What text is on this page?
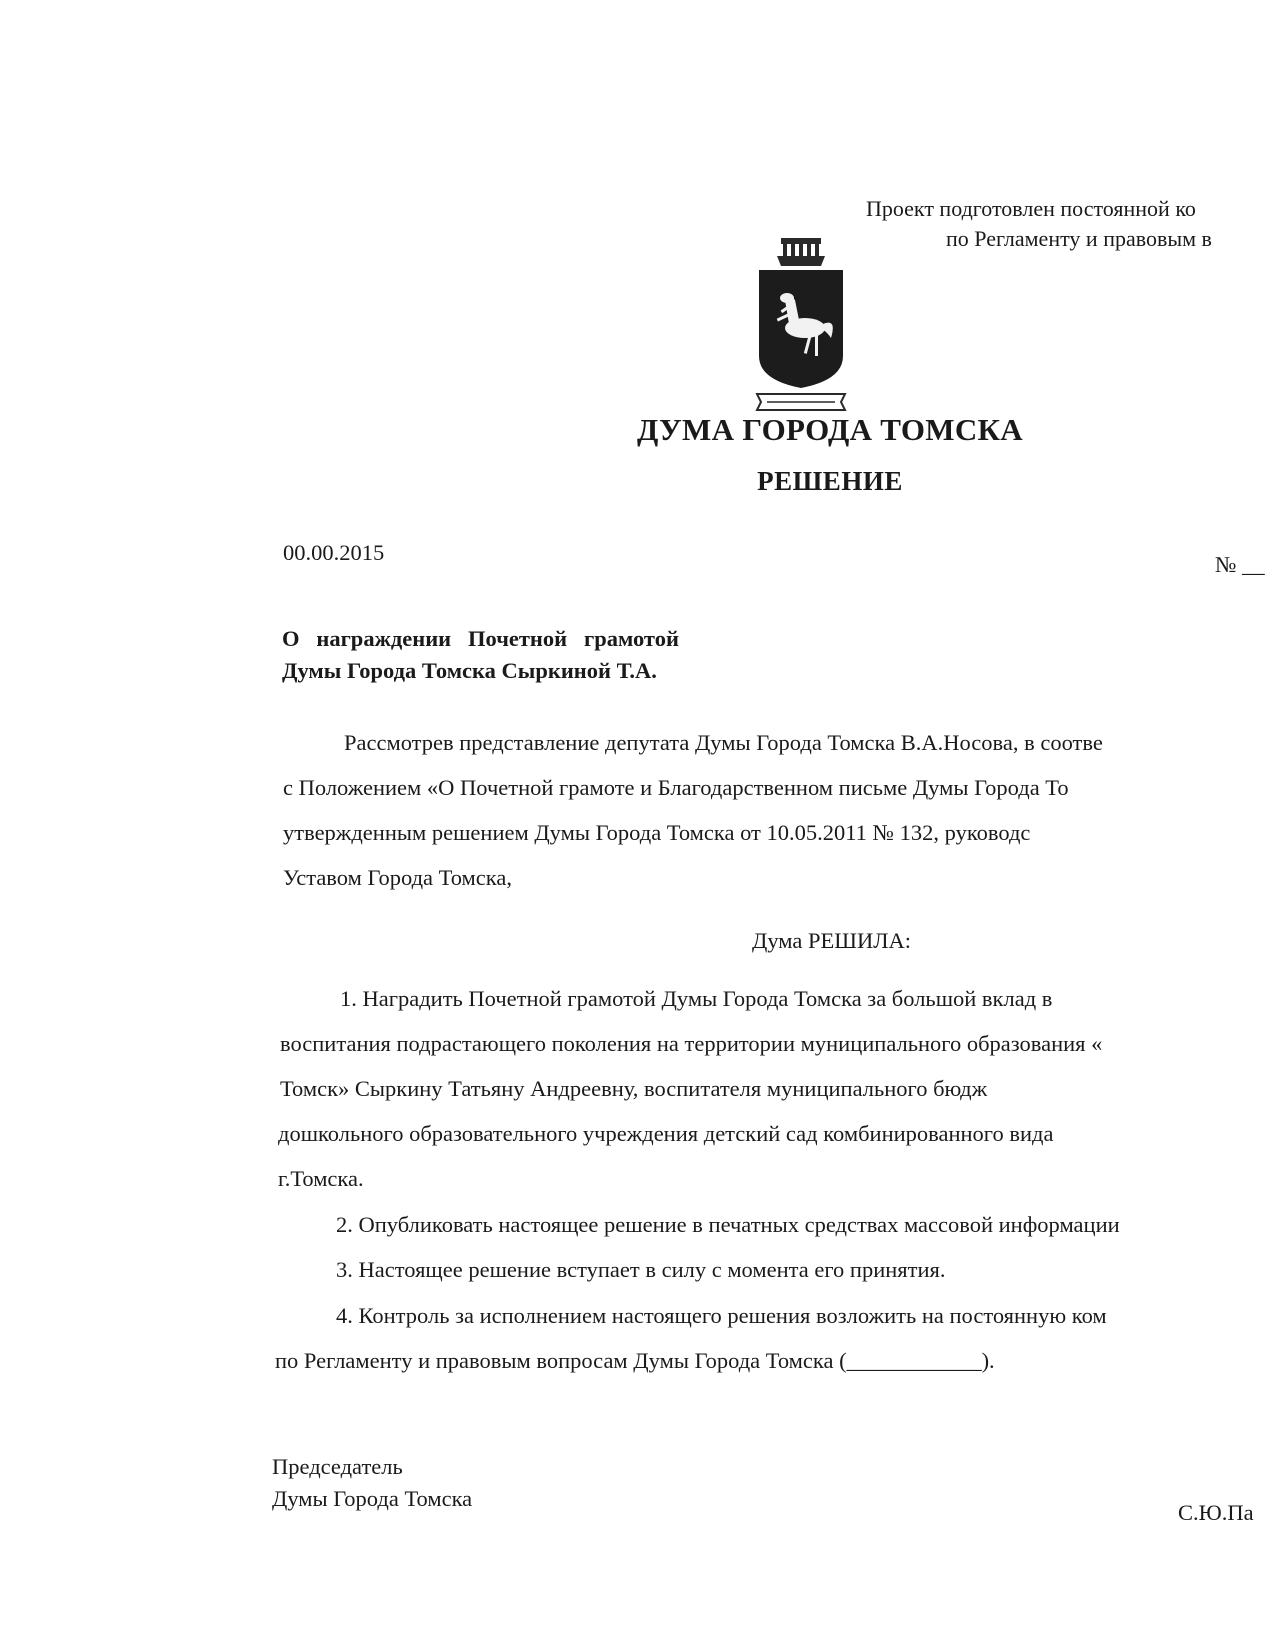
Проект подготовлен постоянной ко
по Регламенту и правовым в
ДУМА ГОРОДА ТОМСКА
РЕШЕНИЕ
00.00.2015	№ __
О   награждении   Почетной   грамотой
Думы Города Томска Сыркиной Т.А.
Рассмотрев представление депутата Думы Города Томска В.А.Носова, в соотве
с Положением «О Почетной грамоте и Благодарственном письме Думы Города То
утвержденным решением Думы Города Томска от 10.05.2011 № 132, руководс
Уставом Города Томска,
Дума РЕШИЛА:
1. Наградить Почетной грамотой Думы Города Томска за большой вклад в
воспитания подрастающего поколения на территории муниципального образования «
Томск» Сыркину Татьяну Андреевну, воспитателя муниципального бюдж
дошкольного образовательного учреждения детский сад комбинированного вида
г.Томска.
2. Опубликовать настоящее решение в печатных средствах массовой информации
3. Настоящее решение вступает в силу с момента его принятия.
4. Контроль за исполнением настоящего решения возложить на постоянную ком
по Регламенту и правовым вопросам Думы Города Томска (____________).
Председатель
Думы Города Томска
С.Ю.Па
